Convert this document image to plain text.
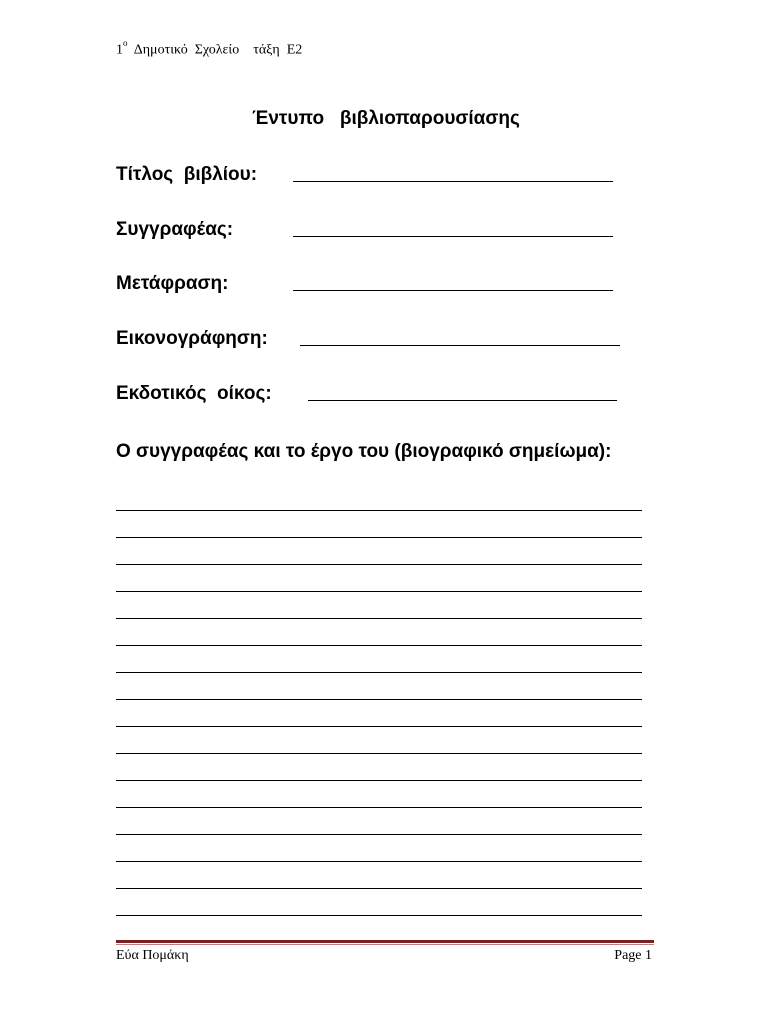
$1^o$ Δημοτικό  Σχολείο τάξη  Ε2
Έντυπο   βιβλιοπαρουσίασης
Τίτλος  βιβλίου:
Συγγραφέας:
Μετάφραση:
Εικονογράφηση:
Εκδοτικός  οίκος:
Ο συγγραφέας και το έργο του (βιογραφικό σημείωμα):
Εύα Πομάκη	Page 1
